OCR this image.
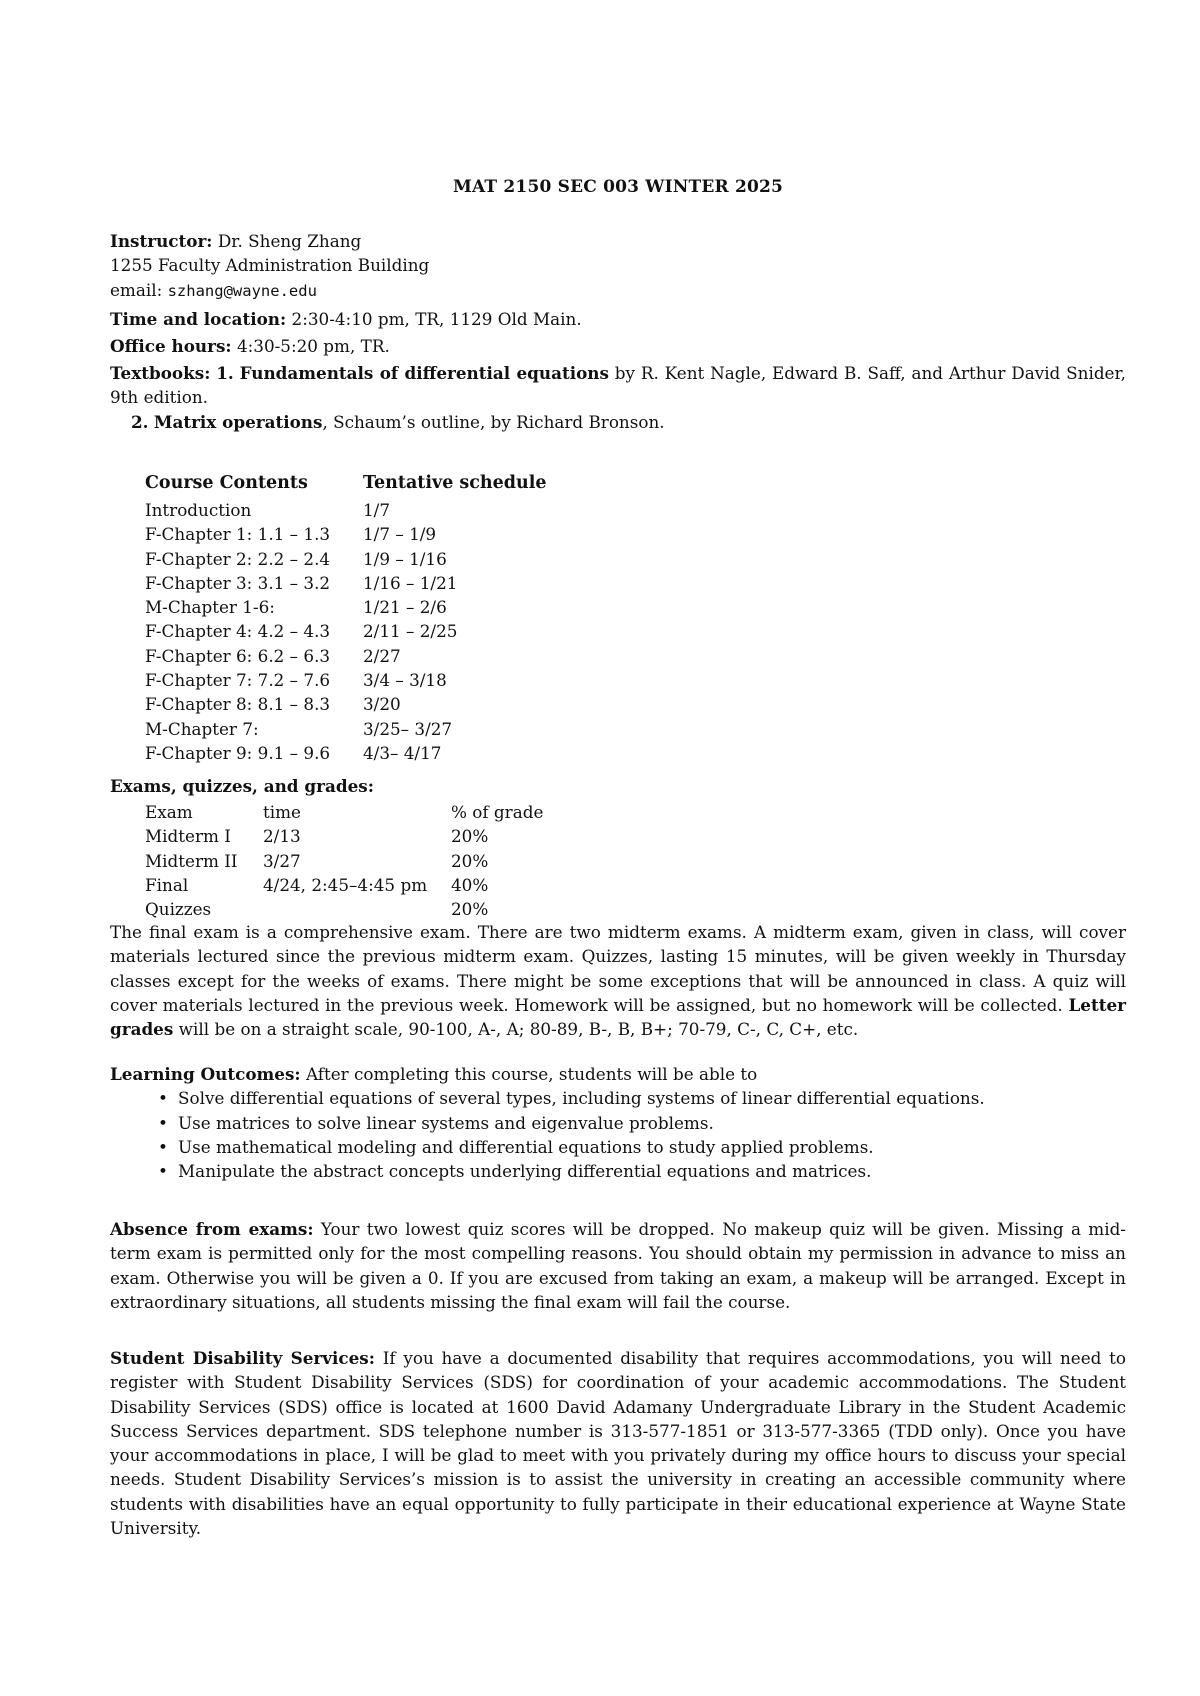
MAT 2150 SEC 003 WINTER 2025
Instructor: Dr. Sheng Zhang
1255 Faculty Administration Building
email: szhang@wayne.edu
Time and location: 2:30-4:10 pm, TR, 1129 Old Main.
Office hours: 4:30-5:20 pm, TR.

Textbooks: 1. Fundamentals of differential equations by R. Kent Nagle, Edward B. Saff, and Arthur David Snider, 9th edition.

2. Matrix operations, Schaum’s outline, by Richard Bronson.

Course Contents	Tentative schedule
Introduction	1/7
F-Chapter 1: 1.1 – 1.3	1/7 – 1/9
F-Chapter 2: 2.2 – 2.4	1/9 – 1/16
F-Chapter 3: 3.1 – 3.2	1/16 – 1/21
M-Chapter 1-6:	1/21 – 2/6
F-Chapter 4: 4.2 – 4.3	2/11 – 2/25
F-Chapter 6: 6.2 – 6.3	2/27
F-Chapter 7: 7.2 – 7.6	3/4 – 3/18
F-Chapter 8: 8.1 – 8.3	3/20
M-Chapter 7:	3/25– 3/27
F-Chapter 9: 9.1 – 9.6	4/3– 4/17
Exams, quizzes, and grades:
Exam	time	% of grade
Midterm I	2/13	20%
Midterm II	3/27	20%
Final	4/24, 2:45–4:45 pm	40%
Quizzes		20%

The final exam is a comprehensive exam. There are two midterm exams. A midterm exam, given in class, will cover materials lectured since the previous midterm exam. Quizzes, lasting 15 minutes, will be given weekly in Thursday classes except for the weeks of exams. There might be some exceptions that will be announced in class. A quiz will cover materials lectured in the previous week. Homework will be assigned, but no homework will be collected. Letter grades will be on a straight scale, 90-100, A-, A; 80-89, B-, B, B+; 70-79, C-, C, C+, etc.

Learning Outcomes: After completing this course, students will be able to
• Solve differential equations of several types, including systems of linear differential equations.
• Use matrices to solve linear systems and eigenvalue problems.
• Use mathematical modeling and differential equations to study applied problems.
• Manipulate the abstract concepts underlying differential equations and matrices.

Absence from exams: Your two lowest quiz scores will be dropped. No makeup quiz will be given. Missing a mid-term exam is permitted only for the most compelling reasons. You should obtain my permission in advance to miss an exam. Otherwise you will be given a 0. If you are excused from taking an exam, a makeup will be arranged. Except in extraordinary situations, all students missing the final exam will fail the course.

Student Disability Services: If you have a documented disability that requires accommodations, you will need to register with Student Disability Services (SDS) for coordination of your academic accommodations. The Student Disability Services (SDS) office is located at 1600 David Adamany Undergraduate Library in the Student Academic Success Services department. SDS telephone number is 313-577-1851 or 313-577-3365 (TDD only). Once you have your accommodations in place, I will be glad to meet with you privately during my office hours to discuss your special needs. Student Disability Services’s mission is to assist the university in creating an accessible community where students with disabilities have an equal opportunity to fully participate in their educational experience at Wayne State University.
